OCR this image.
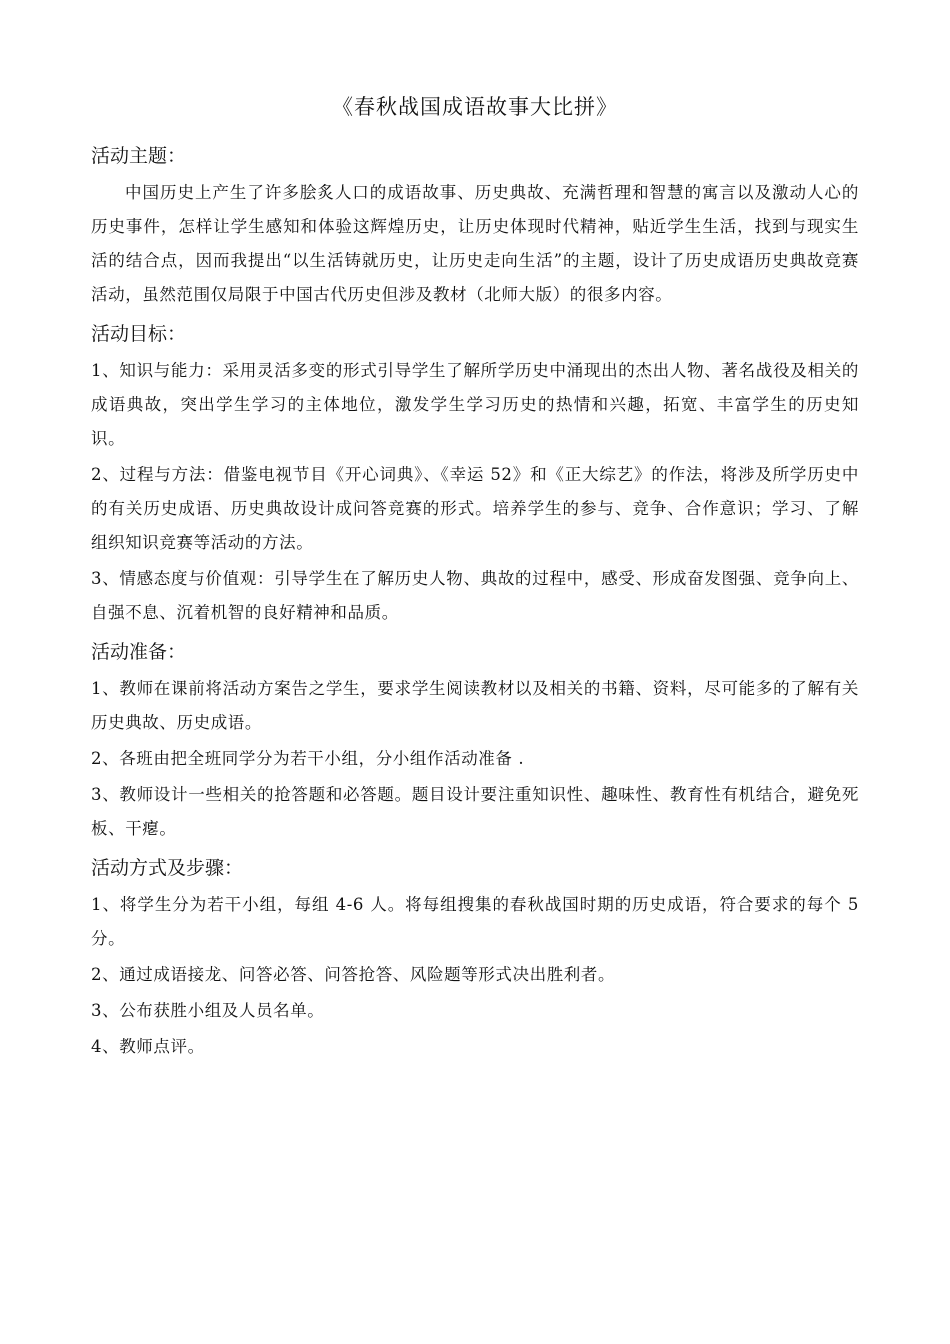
《春秋战国成语故事大比拼》
活动主题：

中国历史上产生了许多脍炙人口的成语故事、历史典故、充满哲理和智慧的寓言以及激动人心的历史事件，怎样让学生感知和体验这辉煌历史，让历史体现时代精神，贴近学生生活，找到与现实生活的结合点，因而我提出“以生活铸就历史，让历史走向生活”的主题，设计了历史成语历史典故竞赛活动，虽然范围仅局限于中国古代历史但涉及教材（北师大版）的很多内容。

活动目标：

1、知识与能力：采用灵活多变的形式引导学生了解所学历史中涌现出的杰出人物、著名战役及相关的成语典故，突出学生学习的主体地位，激发学生学习历史的热情和兴趣，拓宽、丰富学生的历史知识。

2、过程与方法：借鉴电视节目《开心词典》、《幸运 52》和《正大综艺》的作法，将涉及所学历史中的有关历史成语、历史典故设计成问答竞赛的形式。培养学生的参与、竞争、合作意识；学习、了解组织知识竞赛等活动的方法。

3、情感态度与价值观：引导学生在了解历史人物、典故的过程中，感受、形成奋发图强、竞争向上、自强不息、沉着机智的良好精神和品质。

活动准备：

1、教师在课前将活动方案告之学生，要求学生阅读教材以及相关的书籍、资料，尽可能多的了解有关历史典故、历史成语。

2、各班由把全班同学分为若干小组，分小组作活动准备 .

3、教师设计一些相关的抢答题和必答题。题目设计要注重知识性、趣味性、教育性有机结合，避免死板、干瘪。

活动方式及步骤：

1、将学生分为若干小组，每组 4-6 人。将每组搜集的春秋战国时期的历史成语，符合要求的每个 5 分。

2、通过成语接龙、问答必答、问答抢答、风险题等形式决出胜利者。

3、公布获胜小组及人员名单。

4、教师点评。
